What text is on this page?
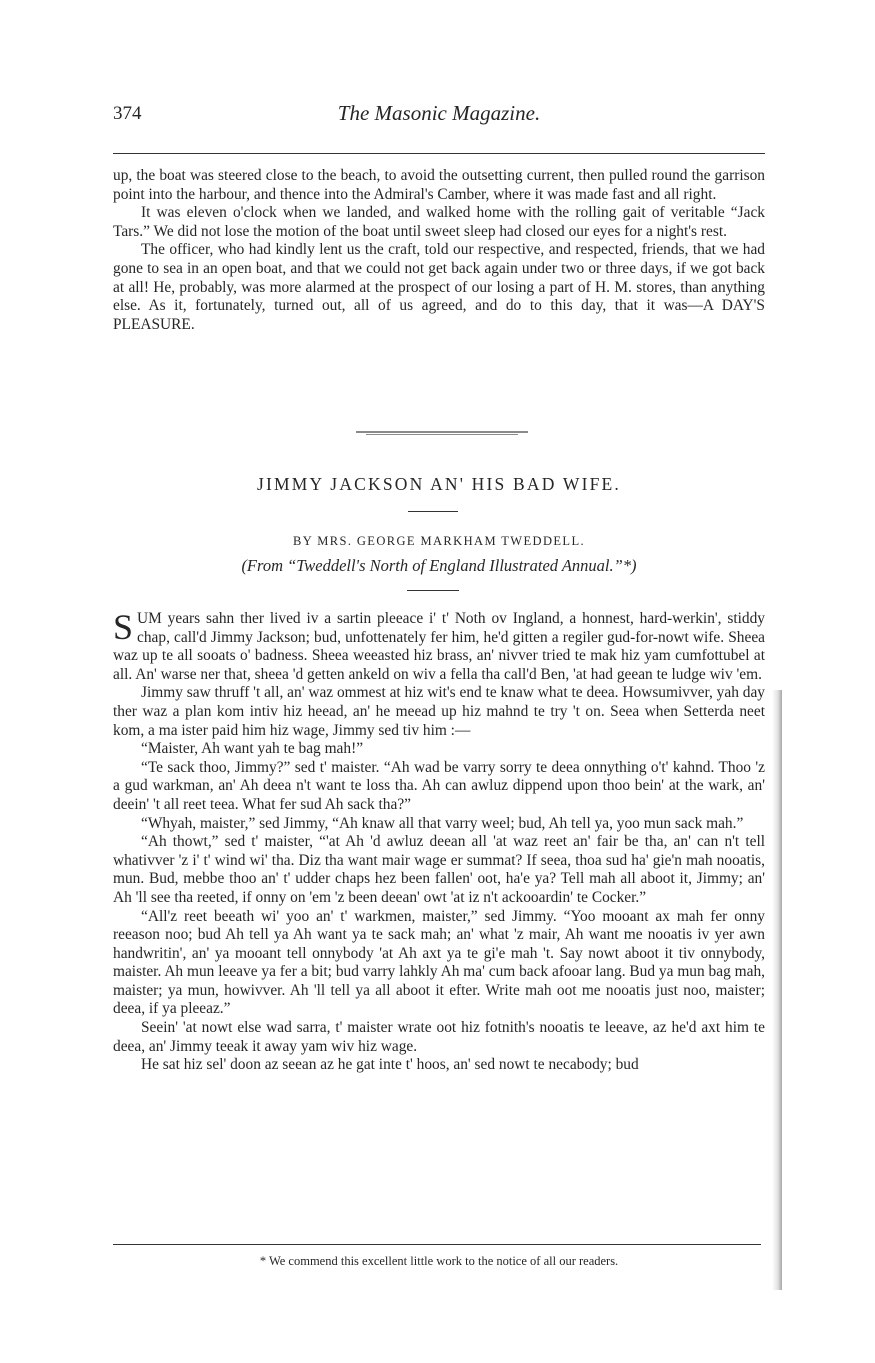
374	The Masonic Magazine.

up, the boat was steered close to the beach, to avoid the outsetting current, then pulled round the garrison point into the harbour, and thence into the Admiral's Camber, where it was made fast and all right.

It was eleven o'clock when we landed, and walked home with the rolling gait of veritable “Jack Tars.” We did not lose the motion of the boat until sweet sleep had closed our eyes for a night's rest.

The officer, who had kindly lent us the craft, told our respective, and respected, friends, that we had gone to sea in an open boat, and that we could not get back again under two or three days, if we got back at all! He, probably, was more alarmed at the prospect of our losing a part of H. M. stores, than anything else. As it, fortunately, turned out, all of us agreed, and do to this day, that it was—A DAY'S PLEASURE.

JIMMY JACKSON AN' HIS BAD WIFE.
BY MRS. GEORGE MARKHAM TWEDDELL.
(From “Tweddell's North of England Illustrated Annual.”*)

SUM years sahn ther lived iv a sartin pleeace i' t' Noth ov Ingland, a honnest, hard-werkin', stiddy chap, call'd Jimmy Jackson; bud, unfottenately fer him, he'd gitten a regiler gud-for-nowt wife. Sheea waz up te all sooats o' badness. Sheea weeasted hiz brass, an' nivver tried te mak hiz yam cumfottubel at all. An' warse ner that, sheea 'd getten ankeld on wiv a fella tha call'd Ben, 'at had geean te ludge wiv 'em.

Jimmy saw thruff 't all, an' waz ommest at hiz wit's end te knaw what te deea. Howsumivver, yah day ther waz a plan kom intiv hiz heead, an' he meead up hiz mahnd te try 't on. Seea when Setterda neet kom, a ma ister paid him hiz wage, Jimmy sed tiv him :—

“Maister, Ah want yah te bag mah!”

“Te sack thoo, Jimmy?” sed t' maister. “Ah wad be varry sorry te deea onnything o't' kahnd. Thoo 'z a gud warkman, an' Ah deea n't want te loss tha. Ah can awluz dippend upon thoo bein' at the wark, an' deein' 't all reet teea. What fer sud Ah sack tha?”

“Whyah, maister,” sed Jimmy, “Ah knaw all that varry weel; bud, Ah tell ya, yoo mun sack mah.”

“Ah thowt,” sed t' maister, “'at Ah 'd awluz deean all 'at waz reet an' fair be tha, an' can n't tell whativver 'z i' t' wind wi' tha. Diz tha want mair wage er summat? If seea, thoa sud ha' gie'n mah nooatis, mun. Bud, mebbe thoo an' t' udder chaps hez been fallen' oot, ha'e ya? Tell mah all aboot it, Jimmy; an' Ah 'll see tha reeted, if onny on 'em 'z been deean' owt 'at iz n't ackooardin' te Cocker.”

“All'z reet beeath wi' yoo an' t' warkmen, maister,” sed Jimmy. “Yoo mooant ax mah fer onny reeason noo; bud Ah tell ya Ah want ya te sack mah; an' what 'z mair, Ah want me nooatis iv yer awn handwritin', an' ya mooant tell onnybody 'at Ah axt ya te gi'e mah 't. Say nowt aboot it tiv onnybody, maister. Ah mun leeave ya fer a bit; bud varry lahkly Ah ma' cum back afooar lang. Bud ya mun bag mah, maister; ya mun, howivver. Ah 'll tell ya all aboot it efter. Write mah oot me nooatis just noo, maister; deea, if ya pleeaz.”

Seein' 'at nowt else wad sarra, t' maister wrate oot hiz fotnith's nooatis te leeave, az he'd axt him te deea, an' Jimmy teeak it away yam wiv hiz wage.

He sat hiz sel' doon az seean az he gat inte t' hoos, an' sed nowt te necabody; bud

* We commend this excellent little work to the notice of all our readers.
